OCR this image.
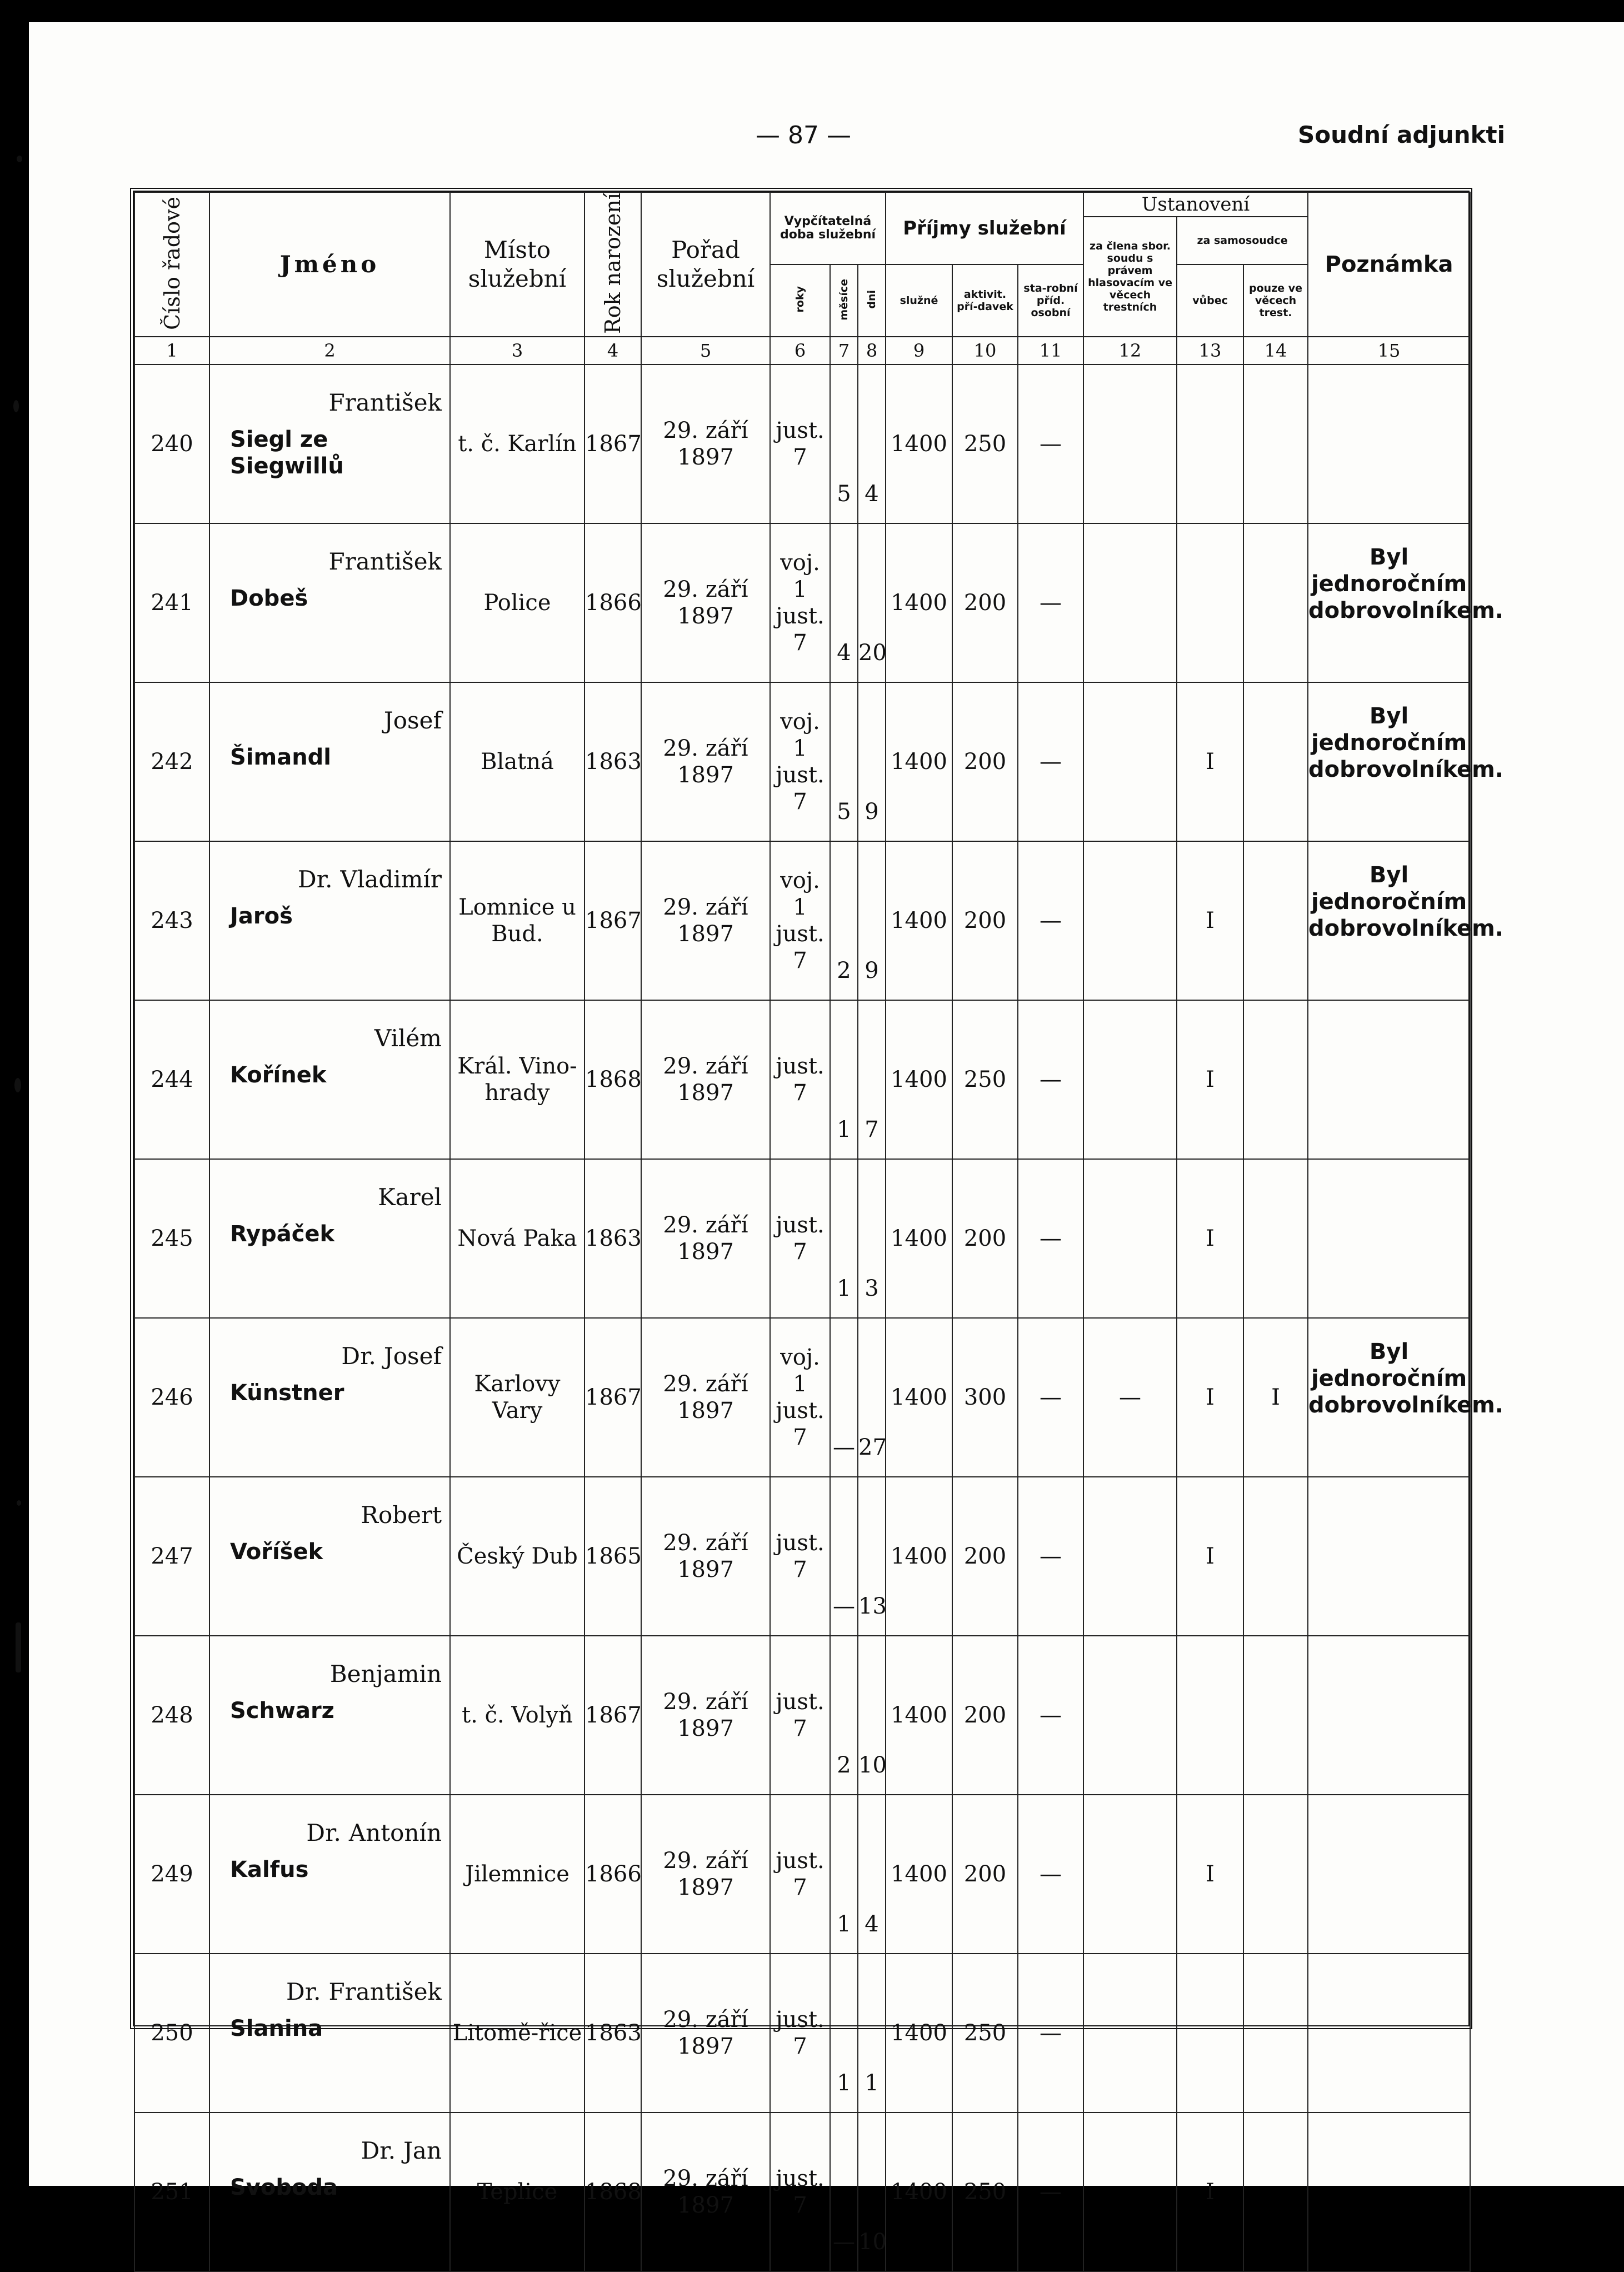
— 87 —	Soudní adjunkti
Číslo řadové	Jméno	Místo služební	Rok narození	Pořad služební	Vypčítatelná doba služební			Příjmy služební			Ustanovení			Poznámka
											za člena sbor. soudu s právem hlasovacím ve věcech trestních	za samosoudce		
					roky	měsíce	dni	služné	aktivit. pří-davek	sta-robní příd. osobní		vůbec	pouze ve věcech trest.	
1	2	3	4	5	6	7	8	9	10	11	12	13	14	15
240	František
Siegl ze Siegwillů	t. č. Karlín	1867	29. září 1897	just. 7	5	4	1400	250	—				
241	František
Dobeš	Police	1866	29. září 1897	voj. 1 just. 7	4	20	1400	200	—				Byl jednoročním dobrovolníkem.
242	Josef
Šimandl	Blatná	1863	29. září 1897	voj. 1 just. 7	5	9	1400	200	—		I		Byl jednoročním dobrovolníkem.
243	Dr. Vladimír
Jaroš	Lomnice u Bud.	1867	29. září 1897	voj. 1 just. 7	2	9	1400	200	—		I		Byl jednoročním dobrovolníkem.
244	Vilém
Kořínek	Král. Vino-hrady	1868	29. září 1897	just. 7	1	7	1400	250	—		I		
245	Karel
Rypáček	Nová Paka	1863	29. září 1897	just. 7	1	3	1400	200	—		I		
246	Dr. Josef
Künstner	Karlovy Vary	1867	29. září 1897	voj. 1 just. 7	—	27	1400	300	—	—	I	I	Byl jednoročním dobrovolníkem.
247	Robert
Voříšek	Český Dub	1865	29. září 1897	just. 7	—	13	1400	200	—		I		
248	Benjamin
Schwarz	t. č. Volyň	1867	29. září 1897	just. 7	2	10	1400	200	—				
249	Dr. Antonín
Kalfus	Jilemnice	1866	29. září 1897	just. 7	1	4	1400	200	—		I		
250	Dr. František
Slanina	Litomě-řice	1863	29. září 1897	just. 7	1	1	1400	250	—				
251	Dr. Jan
Svoboda	Teplice	1868	29. září 1897	just. 7	—	10	1400	250	—		I		
